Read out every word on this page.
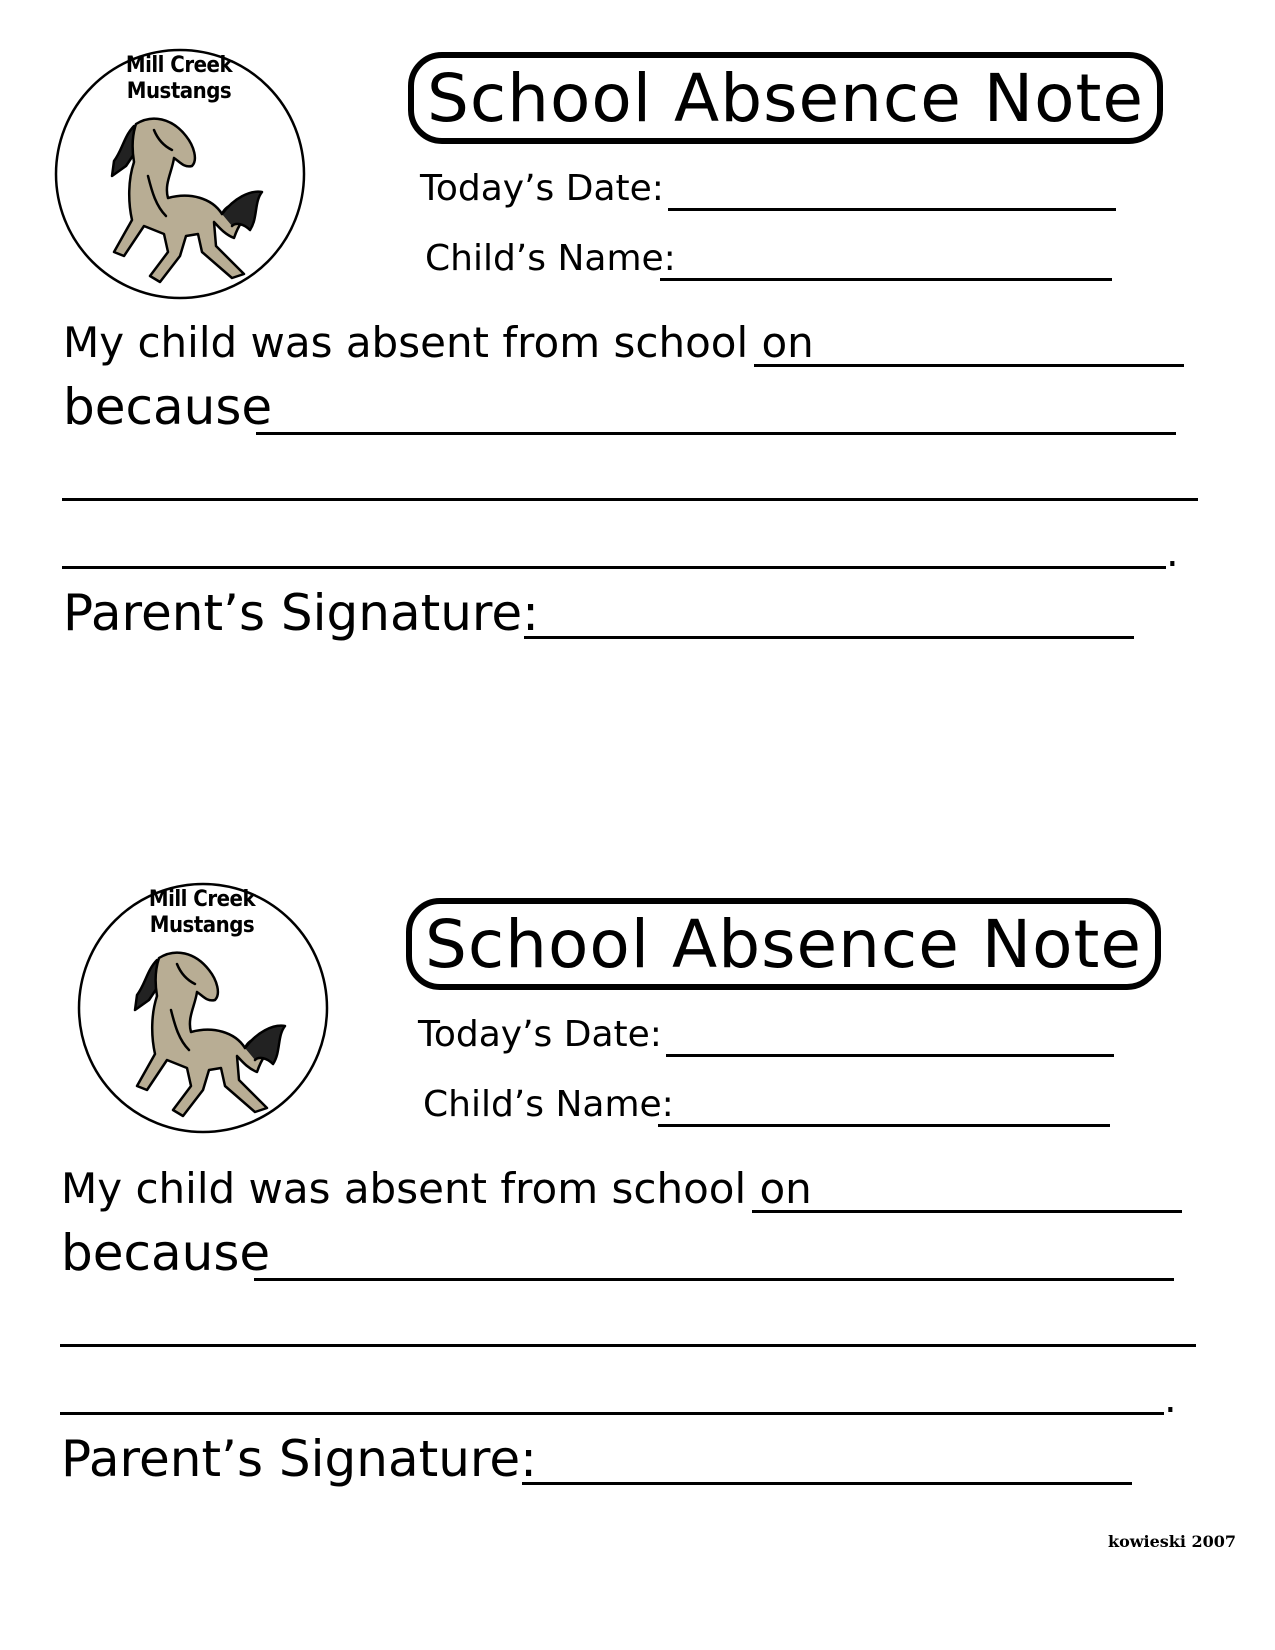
Mill Creek
Mustangs	School Absence Note
Today’s Date:
Child’s Name:
My child was absent from school on
because
.
Parent’s Signature:
Mill Creek
Mustangs	School Absence Note
Today’s Date:
Child’s Name:
My child was absent from school on
because
.
Parent’s Signature:
kowieski 2007
